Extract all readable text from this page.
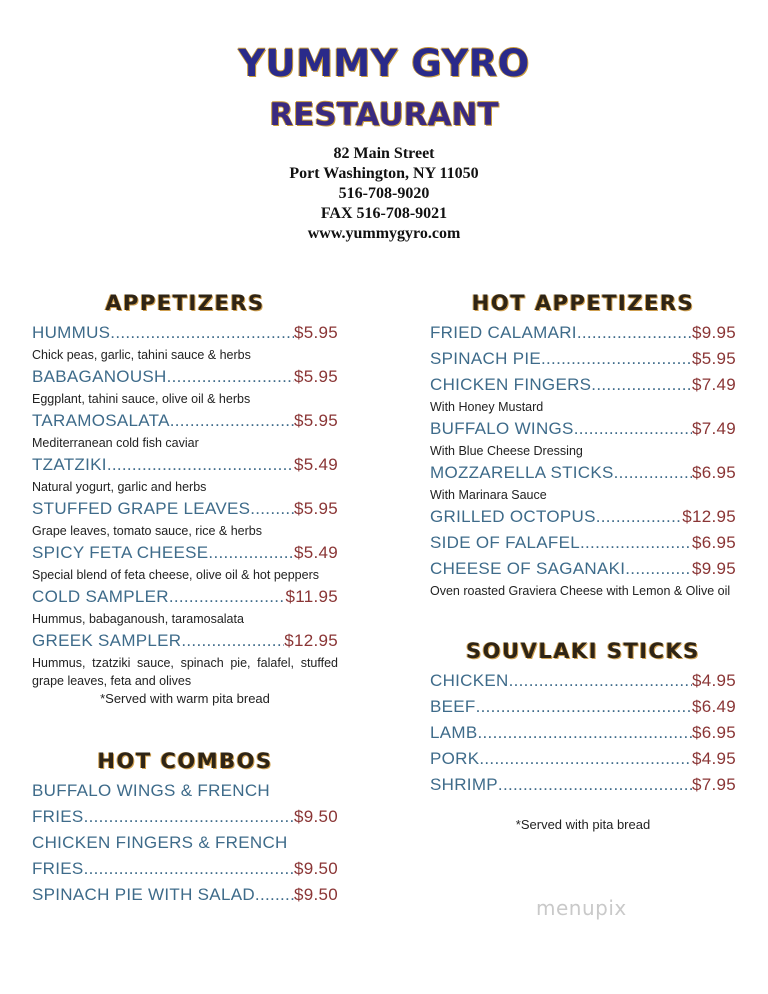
YUMMY GYRO
RESTAURANT
82 Main Street
Port Washington, NY 11050
516-708-9020
FAX 516-708-9021
www.yummygyro.com
APPETIZERS
HUMMUS .....	$5.95
Chick peas, garlic, tahini sauce & herbs
BABAGANOUSH .....	$5.95
Eggplant, tahini sauce, olive oil & herbs
TARAMOSALATA .....	$5.95
Mediterranean cold fish caviar
TZATZIKI .....	$5.49
Natural yogurt, garlic and herbs
STUFFED GRAPE LEAVES .....	$5.95
Grape leaves, tomato sauce, rice & herbs
SPICY FETA CHEESE .....	$5.49
Special blend of feta cheese, olive oil & hot peppers
COLD SAMPLER .....	$11.95
Hummus, babaganoush, taramosalata
GREEK SAMPLER .....	$12.95
Hummus, tzatziki sauce, spinach pie, falafel, stuffed grape leaves, feta and olives
*Served with warm pita bread
HOT COMBOS
BUFFALO WINGS & FRENCH
FRIES .....	$9.50
CHICKEN FINGERS & FRENCH
FRIES .....	$9.50
SPINACH PIE WITH SALAD ..... $9.50
HOT APPETIZERS
FRIED CALAMARI .....	$9.95
SPINACH PIE .....	$5.95
CHICKEN FINGERS .....	$7.49
With Honey Mustard
BUFFALO WINGS .....	$7.49
With Blue Cheese Dressing
MOZZARELLA STICKS .....	$6.95
With Marinara Sauce
GRILLED OCTOPUS .....	$12.95
SIDE OF FALAFEL .....	$6.95
CHEESE OF SAGANAKI .....	$9.95
Oven roasted Graviera Cheese with Lemon & Olive oil
SOUVLAKI STICKS
CHICKEN .....	$4.95
BEEF .....	$6.49
LAMB .....	$6.95
PORK .....	$4.95
SHRIMP .....	$7.95
*Served with pita bread
menupix
